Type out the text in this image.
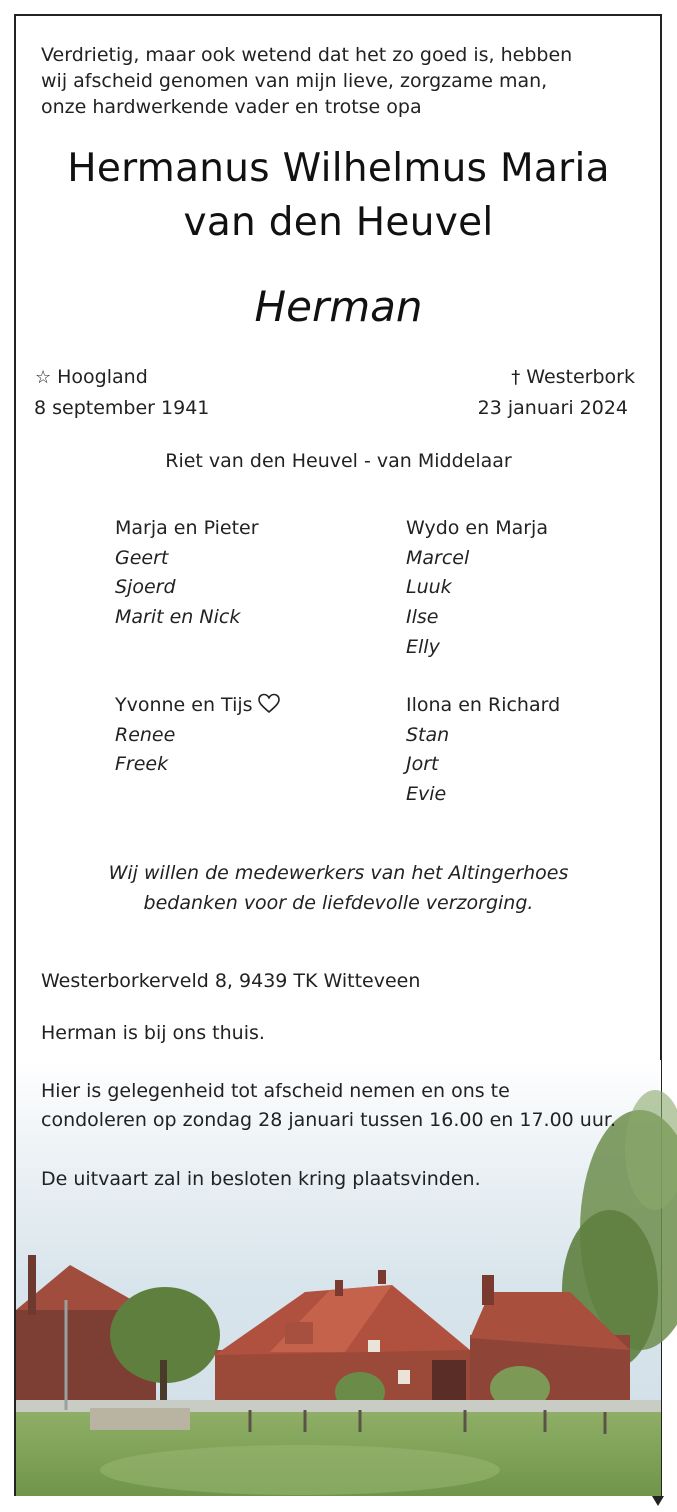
Verdrietig, maar ook wetend dat het zo goed is, hebben
wij afscheid genomen van mijn lieve, zorgzame man,
onze hardwerkende vader en trotse opa
Hermanus Wilhelmus Maria
van den Heuvel
Herman
☆ Hoogland
8 september 1941
† Westerbork
23 januari 2024
Riet van den Heuvel - van Middelaar
Marja en Pieter
Geert
Sjoerd
Marit en Nick
Wydo en Marja
Marcel
Luuk
Ilse
Elly
Yvonne en Tijs
Renee
Freek
Ilona en Richard
Stan
Jort
Evie
Wij willen de medewerkers van het Altingerhoes
bedanken voor de liefdevolle verzorging.
Westerborkerveld 8, 9439 TK Witteveen
Herman is bij ons thuis.
Hier is gelegenheid tot afscheid nemen en ons te
condoleren op zondag 28 januari tussen 16.00 en 17.00 uur.
De uitvaart zal in besloten kring plaatsvinden.
